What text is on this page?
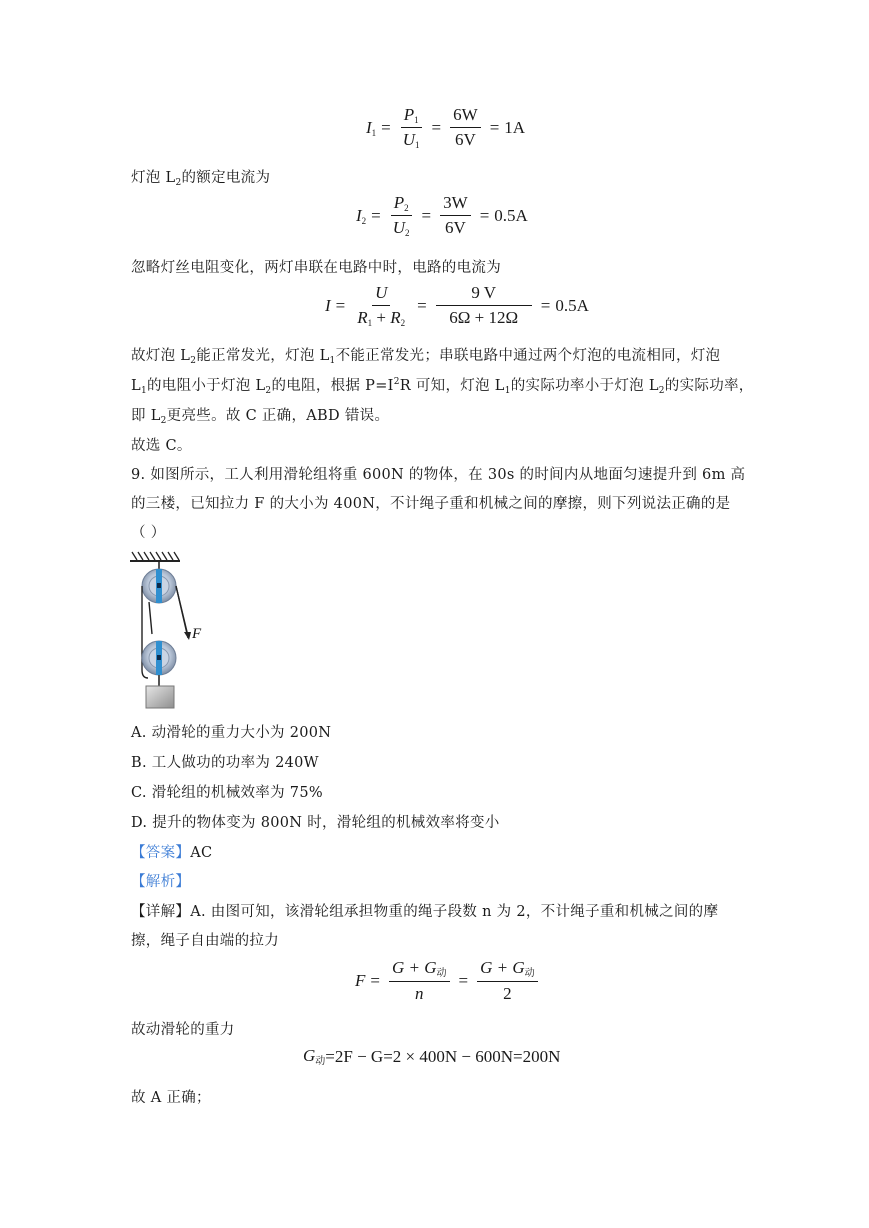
$I_1 = \frac{P_1}{U_1} = \frac{6W}{6V} = 1A$
灯泡 $L_2$的额定电流为
$I_2 = \frac{P_2}{U_2} = \frac{3W}{6V} = 0.5A$
忽略灯丝电阻变化，两灯串联在电路中时，电路的电流为
$I = \frac{U}{R_1 + R_2} = \frac{9 V}{6\Omega + 12\Omega} = 0.5A$
故灯泡 $L_2$能正常发光，灯泡 $L_1$不能正常发光；串联电路中通过两个灯泡的电流相同，灯泡
$L_1$的电阻小于灯泡 $L_2$的电阻，根据 $P=I^2R$ 可知，灯泡 $L_1$的实际功率小于灯泡 $L_2$的实际功率，
即 $L_2$更亮些。故 C 正确，ABD 错误。
故选 C。
9. 如图所示，工人利用滑轮组将重 600N 的物体，在 30s 的时间内从地面匀速提升到 6m 高
的三楼，已知拉力 F 的大小为 400N，不计绳子重和机械之间的摩擦，则下列说法正确的是
（ ）
F
A. 动滑轮的重力大小为 200N
B. 工人做功的功率为 240W
C. 滑轮组的机械效率为 75%
D. 提升的物体变为 800N 时，滑轮组的机械效率将变小
【答案】AC
【解析】
【详解】A. 由图可知，该滑轮组承担物重的绳子段数 n 为 2，不计绳子重和机械之间的摩
擦，绳子自由端的拉力
$F = \frac{G + G_动}{n} = \frac{G + G_动}{2}$
故动滑轮的重力
$G_动 =2F - G=2 \times 400N - 600N=200N$
故 A 正确；
